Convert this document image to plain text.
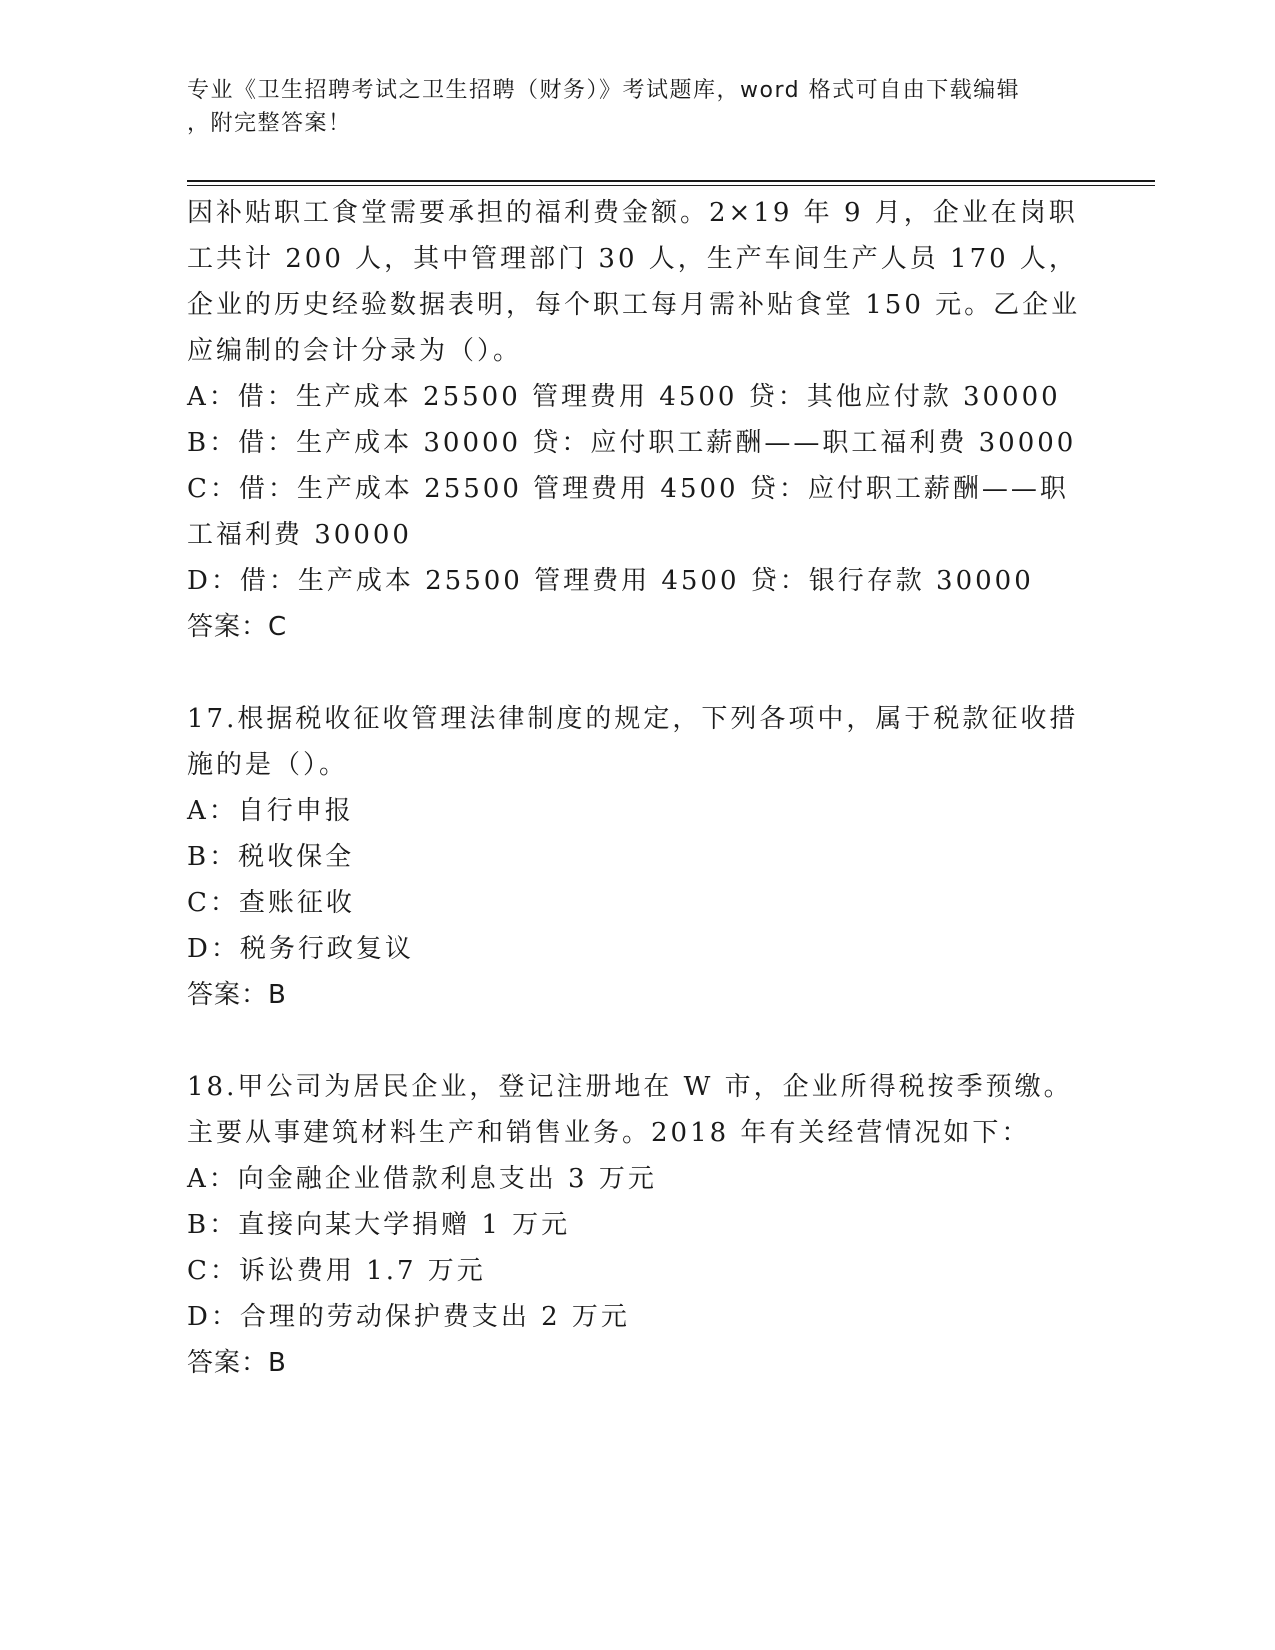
专业《卫生招聘考试之卫生招聘（财务）》考试题库，word 格式可自由下载编辑
，附完整答案！
因补贴职工食堂需要承担的福利费金额。2×19 年 9 月，企业在岗职工共计 200 人，其中管理部门 30 人，生产车间生产人员 170 人，企业的历史经验数据表明，每个职工每月需补贴食堂 150 元。乙企业应编制的会计分录为（）。
A：借：生产成本 25500 管理费用 4500 贷：其他应付款 30000
B：借：生产成本 30000 贷：应付职工薪酬——职工福利费 30000
C：借：生产成本 25500 管理费用 4500 贷：应付职工薪酬——职工福利费 30000
D：借：生产成本 25500 管理费用 4500 贷：银行存款 30000
答案：C
17.根据税收征收管理法律制度的规定，下列各项中，属于税款征收措施的是（）。
A：自行申报
B：税收保全
C：查账征收
D：税务行政复议
答案：B
18.甲公司为居民企业，登记注册地在 W 市，企业所得税按季预缴。主要从事建筑材料生产和销售业务。2018 年有关经营情况如下：
A：向金融企业借款利息支出 3 万元
B：直接向某大学捐赠 1 万元
C：诉讼费用 1.7 万元
D：合理的劳动保护费支出 2 万元
答案：B
